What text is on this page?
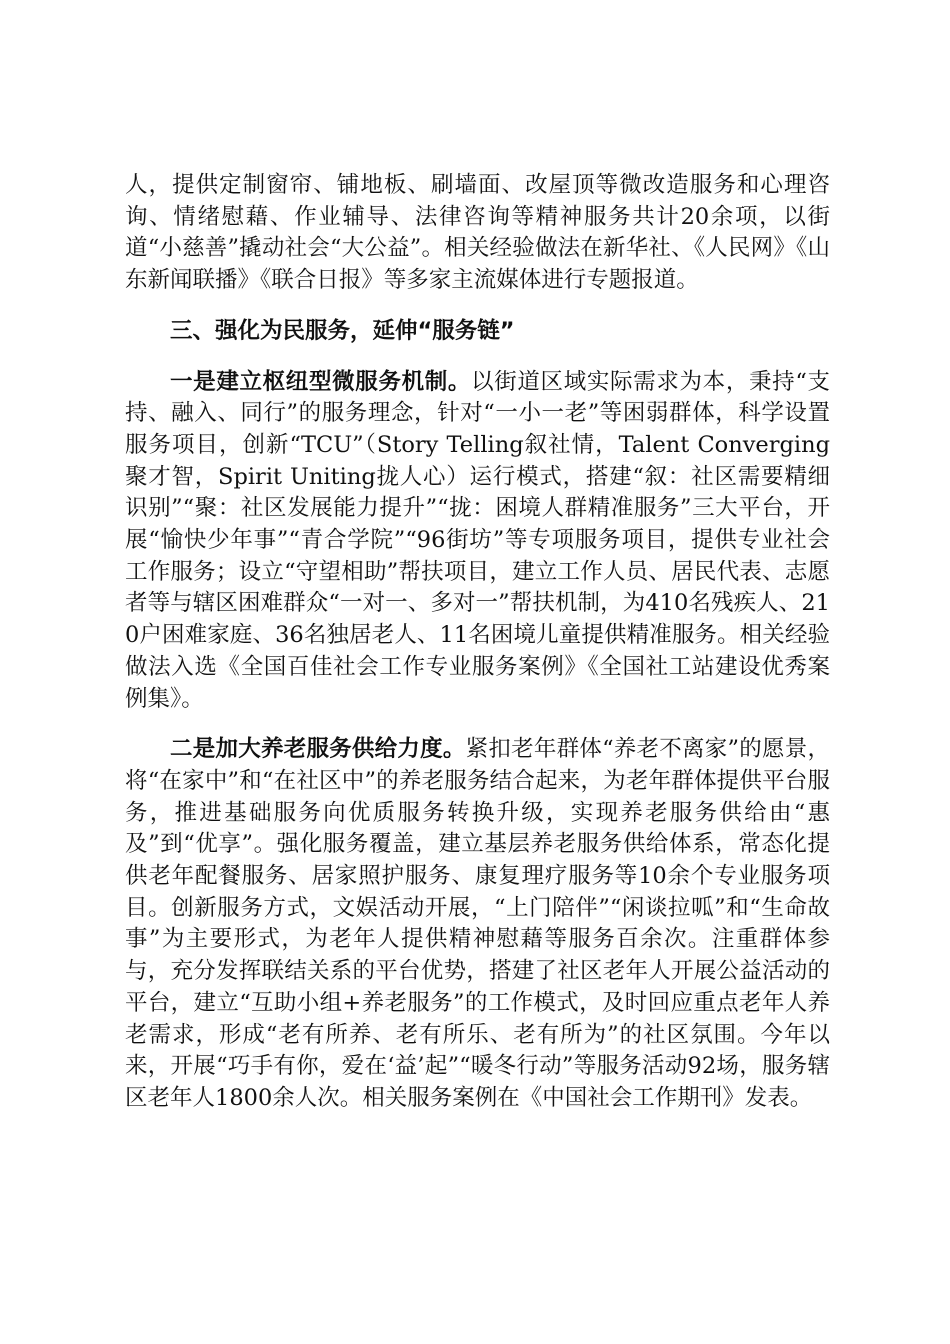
人，提供定制窗帘、铺地板、刷墙面、改屋顶等微改造服务和心理咨询、情绪慰藉、作业辅导、法律咨询等精神服务共计20余项，以街道“小慈善”撬动社会“大公益”。相关经验做法在新华社、《人民网》《山东新闻联播》《联合日报》等多家主流媒体进行专题报道。

三、强化为民服务，延伸“服务链”

一是建立枢纽型微服务机制。以街道区域实际需求为本，秉持“支持、融入、同行”的服务理念，针对“一小一老”等困弱群体，科学设置服务项目，创新“TCU”（Story Telling叙社情，Talent Converging聚才智，Spirit Uniting拢人心）运行模式，搭建“叙：社区需要精细识别”“聚：社区发展能力提升”“拢：困境人群精准服务”三大平台，开展“愉快少年事”“青合学院”“96街坊”等专项服务项目，提供专业社会工作服务；设立“守望相助”帮扶项目，建立工作人员、居民代表、志愿者等与辖区困难群众“一对一、多对一”帮扶机制，为410名残疾人、210户困难家庭、36名独居老人、11名困境儿童提供精准服务。相关经验做法入选《全国百佳社会工作专业服务案例》《全国社工站建设优秀案例集》。

二是加大养老服务供给力度。紧扣老年群体“养老不离家”的愿景，将“在家中”和“在社区中”的养老服务结合起来，为老年群体提供平台服务，推进基础服务向优质服务转换升级，实现养老服务供给由“惠及”到“优享”。强化服务覆盖，建立基层养老服务供给体系，常态化提供老年配餐服务、居家照护服务、康复理疗服务等10余个专业服务项目。创新服务方式，文娱活动开展，“上门陪伴”“闲谈拉呱”和“生命故事”为主要形式，为老年人提供精神慰藉等服务百余次。注重群体参与，充分发挥联结关系的平台优势，搭建了社区老年人开展公益活动的平台，建立“互助小组+养老服务”的工作模式，及时回应重点老年人养老需求，形成“老有所养、老有所乐、老有所为”的社区氛围。今年以来，开展“巧手有你，爱在‘益’起”“暖冬行动”等服务活动92场，服务辖区老年人1800余人次。相关服务案例在《中国社会工作期刊》发表。
